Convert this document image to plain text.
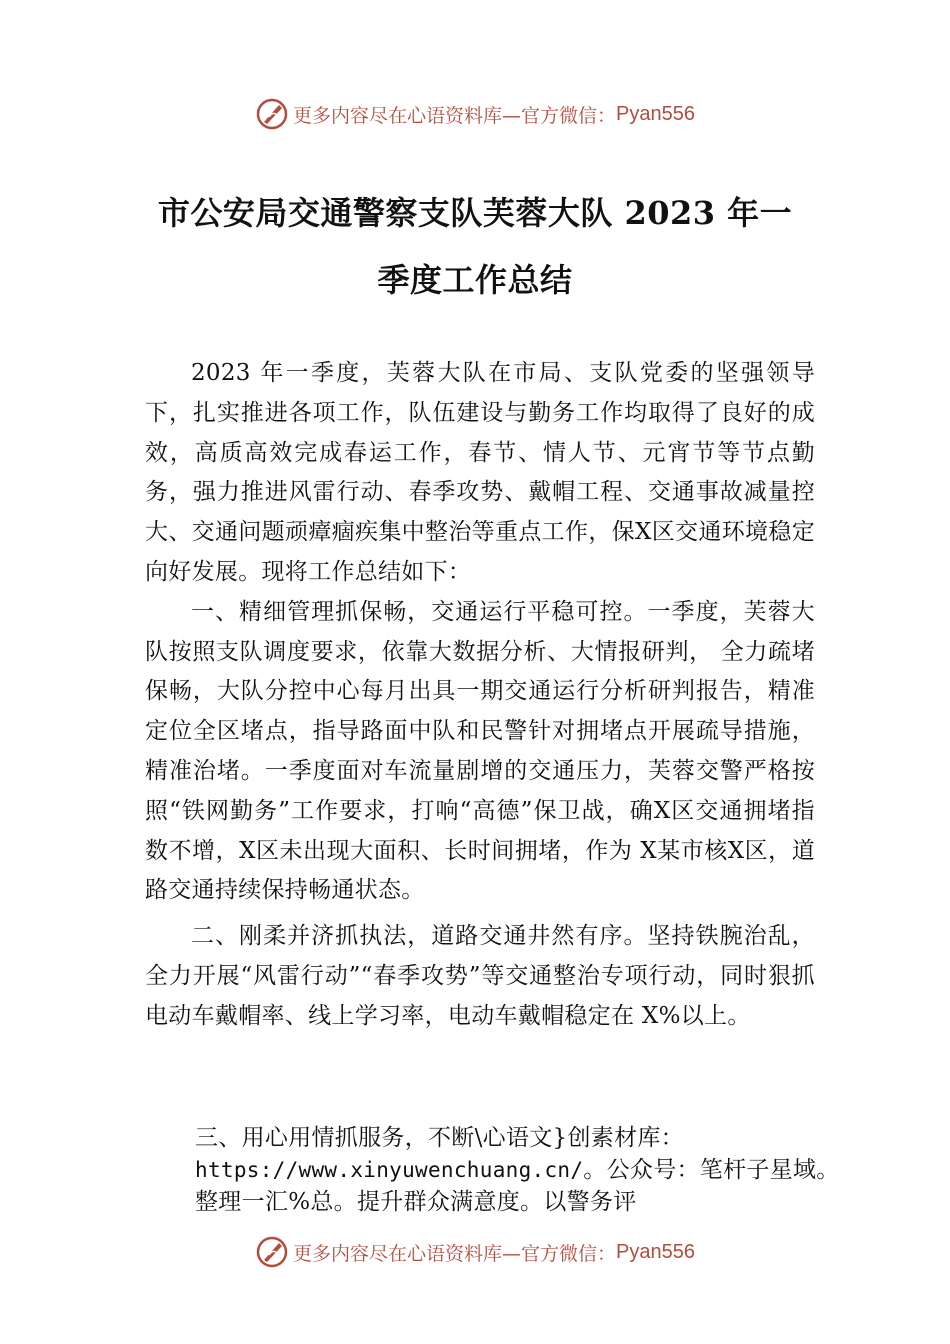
更多内容尽在心语资料库—官方微信： Pyan556
市公安局交通警察支队芙蓉大队 2023 年一
季度工作总结

2023 年一季度，芙蓉大队在市局、支队党委的坚强领导下，扎实推进各项工作，队伍建设与勤务工作均取得了良好的成效，高质高效完成春运工作，春节、情人节、元宵节等节点勤务，强力推进风雷行动、春季攻势、戴帽工程、交通事故减量控大、交通问题顽瘴痼疾集中整治等重点工作，保X区交通环境稳定向好发展。现将工作总结如下：

一、精细管理抓保畅，交通运行平稳可控。一季度，芙蓉大队按照支队调度要求，依靠大数据分析、大情报研判， 全力疏堵保畅，大队分控中心每月出具一期交通运行分析研判报告，精准定位全区堵点，指导路面中队和民警针对拥堵点开展疏导措施，精准治堵。一季度面对车流量剧增的交通压力，芙蓉交警严格按照“铁网勤务”工作要求，打响“高德”保卫战，确X区交通拥堵指数不增，X区未出现大面积、长时间拥堵，作为 X某市核X区，道路交通持续保持畅通状态。

二、刚柔并济抓执法，道路交通井然有序。坚持铁腕治乱，全力开展“风雷行动”“春季攻势”等交通整治专项行动，同时狠抓电动车戴帽率、线上学习率，电动车戴帽稳定在 X%以上。

三、用心用情抓服务，不断\心语文}创素材库：
https://www.xinyuwenchuang.cn/。公众号：笔杆子星域。
整理一汇%总。提升群众满意度。以警务评
更多内容尽在心语资料库—官方微信： Pyan556
